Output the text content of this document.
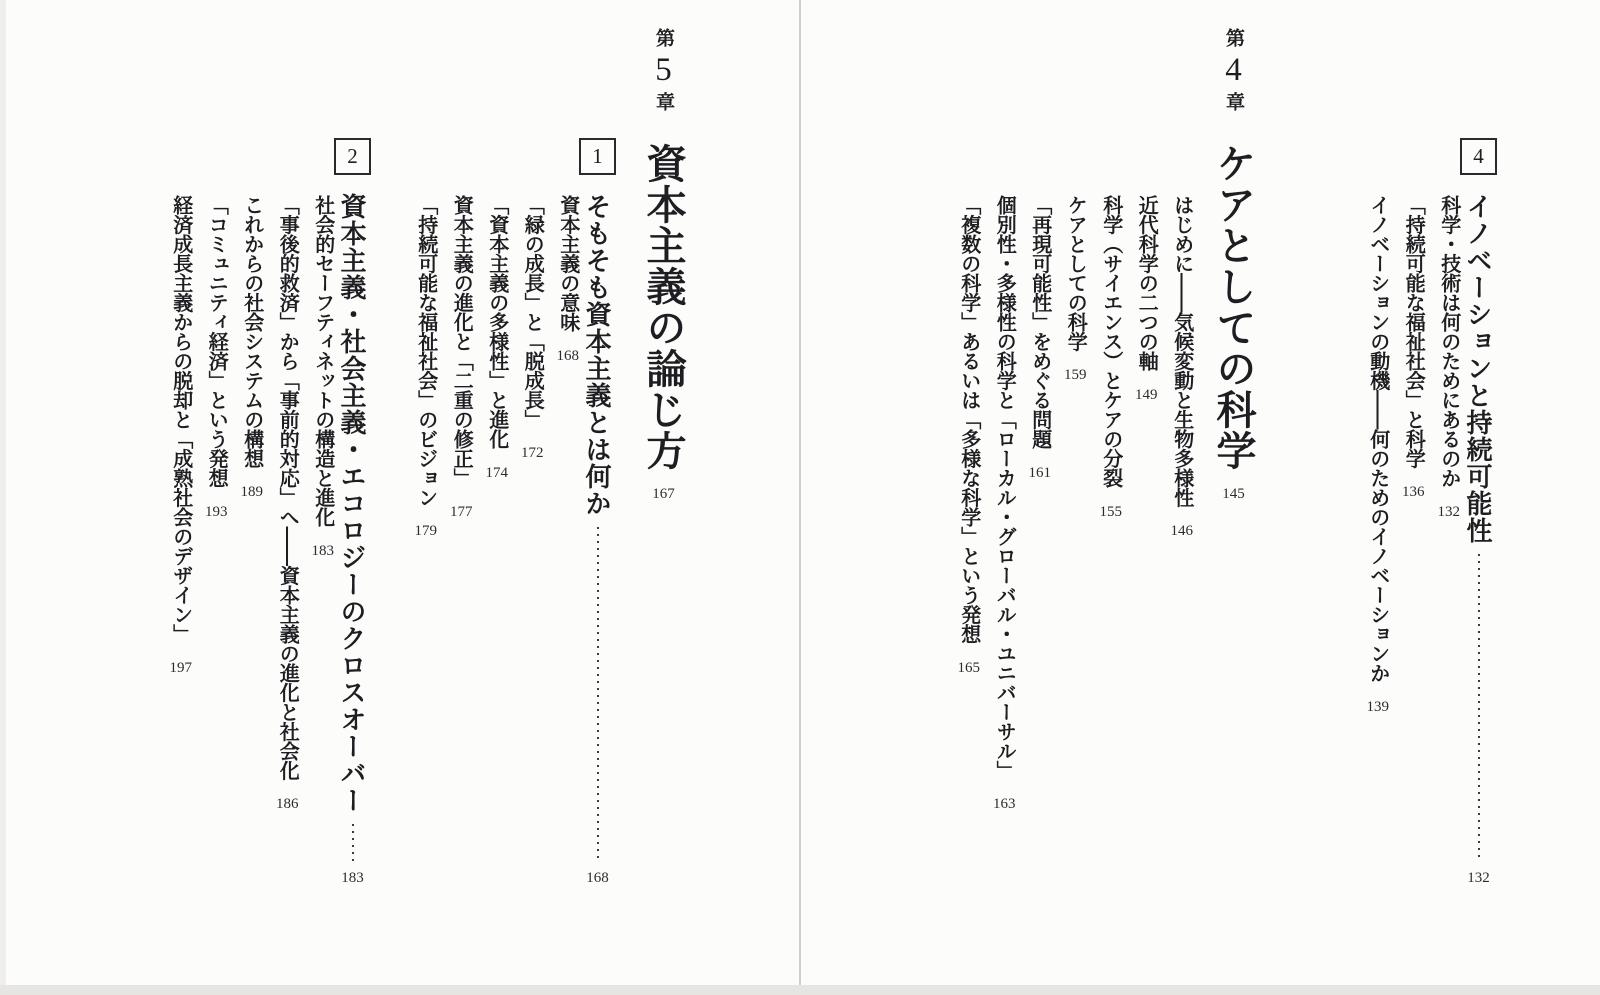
4
イノベーションと持続可能性
132
科学・技術は何のためにあるのか 132
「持続可能な福祉社会」と科学 136
イノベーションの動機——何のためのイノベーションか 139
第
4
章
ケアとしての科学
145
はじめに——気候変動と生物多様性 146
近代科学の二つの軸 149
科学（サイエンス）とケアの分裂 155
ケアとしての科学 159
「再現可能性」をめぐる問題 161
個別性・多様性の科学と「ローカル・グローバル・ユニバーサル」 163
「複数の科学」あるいは「多様な科学」という発想 165
第
5
章
資本主義の論じ方
167
1
そもそも資本主義とは何か
168
資本主義の意味 168
「緑の成長」と「脱成長」 172
「資本主義の多様性」と進化 174
資本主義の進化と「二重の修正」 177
「持続可能な福祉社会」のビジョン 179
2
資本主義・社会主義・エコロジーのクロスオーバー
183
社会的セーフティネットの構造と進化 183
「事後的救済」から「事前的対応」へ——資本主義の進化と社会化 186
これからの社会システムの構想 189
「コミュニティ経済」という発想 193
経済成長主義からの脱却と「成熟社会のデザイン」 197
